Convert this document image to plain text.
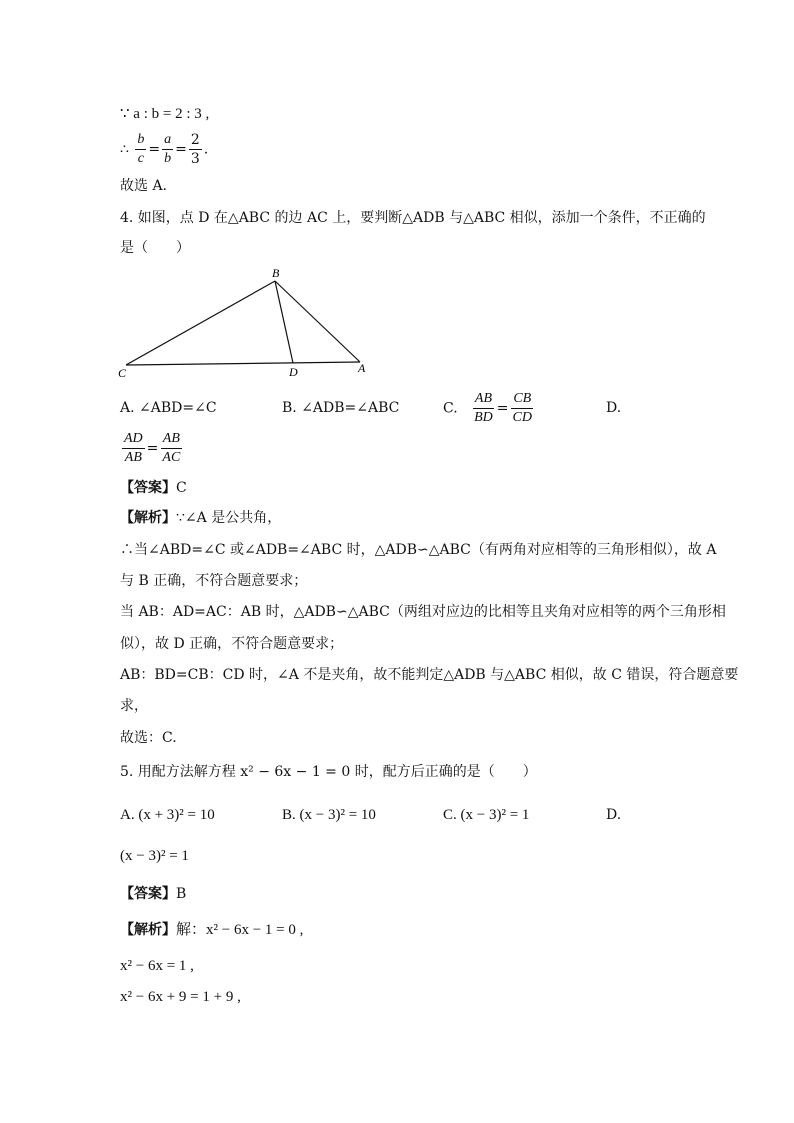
∵ a : b = 2 : 3 ,
∴ $\frac{b}{c} = \frac{a}{b} = \frac{2}{3}$ .
故选 A.
4. 如图，点 D 在△ABC 的边 AC 上，要判断△ADB 与△ABC 相似，添加一个条件，不正确的
是（　　）
B
C	D	A
A. ∠ABD=∠C	B. ∠ADB=∠ABC	C. $\frac{AB}{BD} = \frac{CB}{CD}$	D.
$\frac{AD}{AB} = \frac{AB}{AC}$
【答案】C
【解析】∵∠A 是公共角，
∴当∠ABD=∠C 或∠ADB=∠ABC 时，△ADB∽△ABC（有两角对应相等的三角形相似），故 A
与 B 正确，不符合题意要求；
当 AB：AD=AC：AB 时，△ADB∽△ABC（两组对应边的比相等且夹角对应相等的两个三角形相
似），故 D 正确，不符合题意要求；
AB：BD=CB：CD 时，∠A 不是夹角，故不能判定△ADB 与△ABC 相似，故 C 错误，符合题意要
求，
故选：C.
5. 用配方法解方程 x² − 6x − 1 = 0 时，配方后正确的是（　　）
A. (x + 3)² = 10	B. (x − 3)² = 10	C. (x − 3)² = 1	D.
(x − 3)² = 1
【答案】B
【解析】解：x² − 6x − 1 = 0 ,
x² − 6x = 1 ,
x² − 6x + 9 = 1 + 9 ,
